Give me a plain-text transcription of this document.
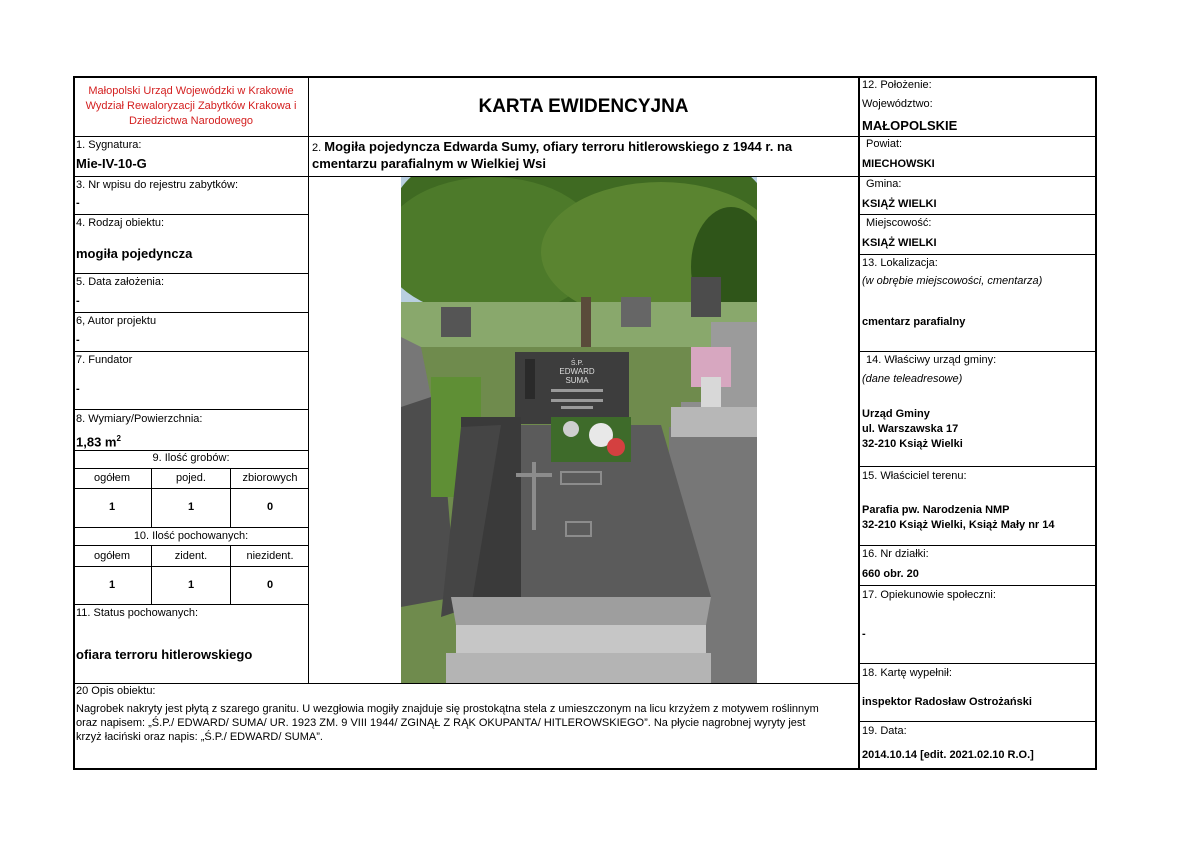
Małopolski Urząd Wojewódzki w Krakowie
Wydział Rewaloryzacji Zabytków Krakowa i
Dziedzictwa Narodowego
KARTA EWIDENCYJNA
2. Mogiła pojedyncza Edwarda Sumy, ofiary terroru hitlerowskiego z 1944 r. na
cmentarzu parafialnym w Wielkiej Wsi
Ś.P.
EDWARD
SUMA
1. Sygnatura:
Mie-IV-10-G
3. Nr wpisu do rejestru zabytków:
-
4. Rodzaj obiektu:
mogiła pojedyncza
5. Data założenia:
-
6, Autor projektu
-
7. Fundator
-
8. Wymiary/Powierzchnia:
1,83 $m^2$
9. Ilość grobów:
ogółem	pojed.	zbiorowych
1	1	0
10. Ilość pochowanych:
ogółem	zident.	niezident.
1	1	0
11. Status pochowanych:
ofiara terroru hitlerowskiego
20 Opis obiektu:
Nagrobek nakryty jest płytą z szarego granitu. U wezgłowia mogiły znajduje się prostokątna stela z umieszczonym na licu krzyżem z motywem roślinnym
oraz napisem: „Ś.P./ EDWARD/ SUMA/ UR. 1923 ZM. 9 VIII 1944/ ZGINĄŁ Z RĄK OKUPANTA/ HITLEROWSKIEGO”. Na płycie nagrobnej wyryty jest
krzyż łaciński oraz napis: „Ś.P./ EDWARD/ SUMA”.
12. Położenie:
Województwo:
MAŁOPOLSKIE
Powiat:
MIECHOWSKI
Gmina:
KSIĄŻ WIELKI
Miejscowość:
KSIĄŻ WIELKI
13. Lokalizacja:
(w obrębie miejscowości, cmentarza)
cmentarz parafialny
14. Właściwy urząd gminy:
(dane teleadresowe)
Urząd Gminy
ul. Warszawska 17
32-210 Książ Wielki
15. Właściciel terenu:
Parafia pw. Narodzenia NMP
32-210 Książ Wielki, Książ Mały nr 14
16. Nr działki:
660 obr. 20
17. Opiekunowie społeczni:
-
18. Kartę wypełnił:
inspektor Radosław Ostrożański
19. Data:
2014.10.14 [edit. 2021.02.10 R.O.]
